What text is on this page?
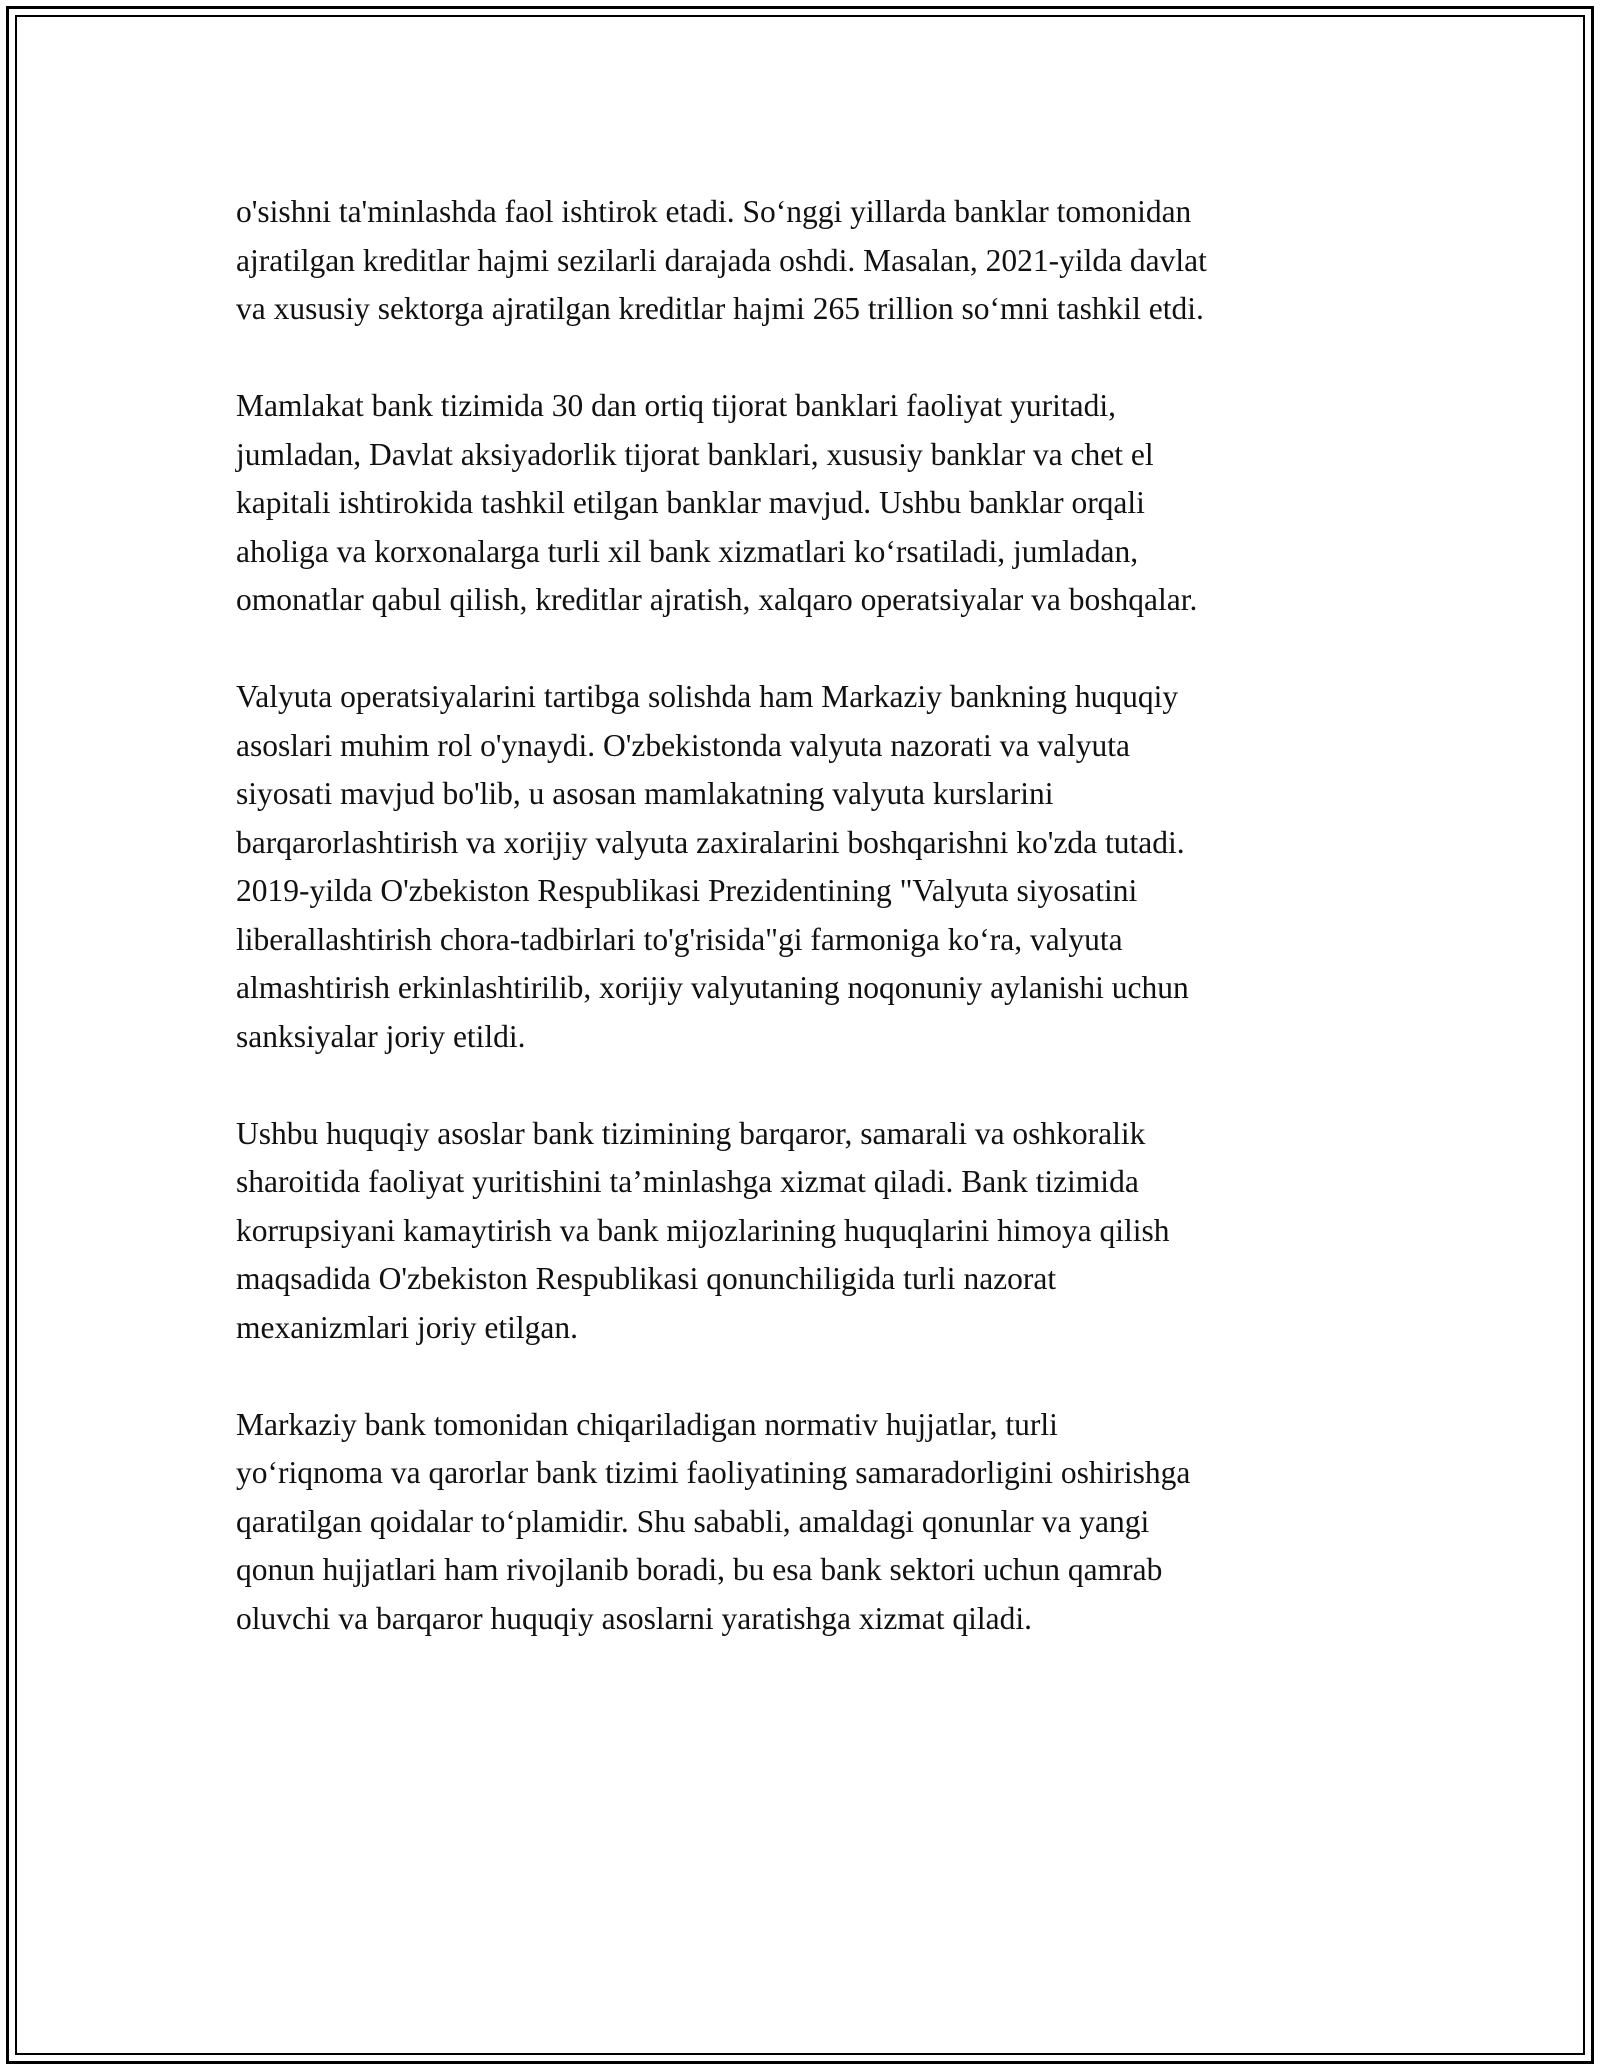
o'sishni ta'minlashda faol ishtirok etadi. So‘nggi yillarda banklar tomonidan
ajratilgan kreditlar hajmi sezilarli darajada oshdi. Masalan, 2021-yilda davlat
va xususiy sektorga ajratilgan kreditlar hajmi 265 trillion so‘mni tashkil etdi.

Mamlakat bank tizimida 30 dan ortiq tijorat banklari faoliyat yuritadi,
jumladan, Davlat aksiyadorlik tijorat banklari, xususiy banklar va chet el
kapitali ishtirokida tashkil etilgan banklar mavjud. Ushbu banklar orqali
aholiga va korxonalarga turli xil bank xizmatlari ko‘rsatiladi, jumladan,
omonatlar qabul qilish, kreditlar ajratish, xalqaro operatsiyalar va boshqalar.

Valyuta operatsiyalarini tartibga solishda ham Markaziy bankning huquqiy
asoslari muhim rol o'ynaydi. O'zbekistonda valyuta nazorati va valyuta
siyosati mavjud bo'lib, u asosan mamlakatning valyuta kurslarini
barqarorlashtirish va xorijiy valyuta zaxiralarini boshqarishni ko'zda tutadi.
2019-yilda O'zbekiston Respublikasi Prezidentining "Valyuta siyosatini
liberallashtirish chora-tadbirlari to'g'risida"gi farmoniga ko‘ra, valyuta
almashtirish erkinlashtirilib, xorijiy valyutaning noqonuniy aylanishi uchun
sanksiyalar joriy etildi.

Ushbu huquqiy asoslar bank tizimining barqaror, samarali va oshkoralik
sharoitida faoliyat yuritishini ta’minlashga xizmat qiladi. Bank tizimida
korrupsiyani kamaytirish va bank mijozlarining huquqlarini himoya qilish
maqsadida O'zbekiston Respublikasi qonunchiligida turli nazorat
mexanizmlari joriy etilgan.

Markaziy bank tomonidan chiqariladigan normativ hujjatlar, turli
yo‘riqnoma va qarorlar bank tizimi faoliyatining samaradorligini oshirishga
qaratilgan qoidalar to‘plamidir. Shu sababli, amaldagi qonunlar va yangi
qonun hujjatlari ham rivojlanib boradi, bu esa bank sektori uchun qamrab
oluvchi va barqaror huquqiy asoslarni yaratishga xizmat qiladi.
